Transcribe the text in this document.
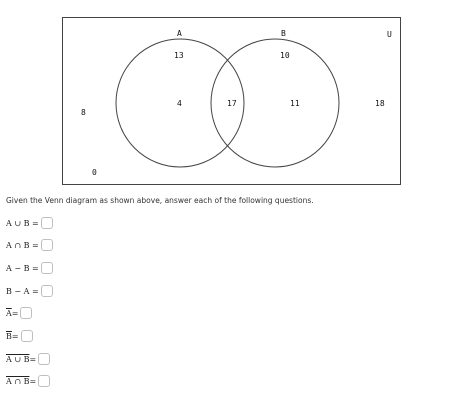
A	B	U
13	10
4	17	11
8
18
0
Given the Venn diagram as shown above, answer each of the following questions.
A ∪ B =
A ∩ B =
A − B =
B − A =
$\overline{A}$ =
$\overline{B}$ =
A ∪ B =
A ∩ B =
